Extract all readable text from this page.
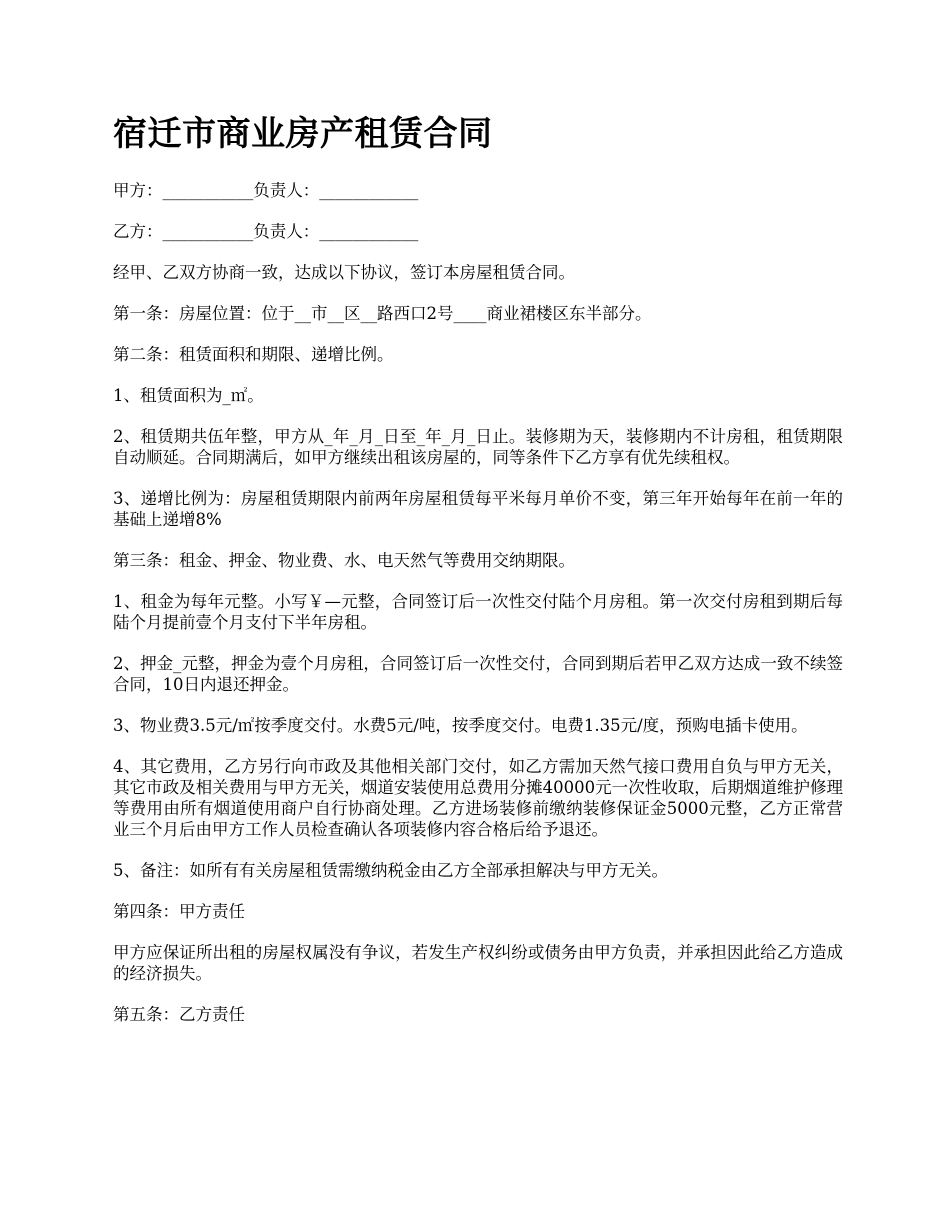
宿迁市商业房产租赁合同

甲方：___________负责人：____________

乙方：___________负责人：____________

经甲、乙双方协商一致，达成以下协议，签订本房屋租赁合同。

第一条：房屋位置：位于__市__区__路西口2号____商业裙楼区东半部分。

第二条：租赁面积和期限、递增比例。

1、租赁面积为_㎡。

2、租赁期共伍年整，甲方从_年_月_日至_年_月_日止。装修期为天，装修期内不计房租，租赁期限自动顺延。合同期满后，如甲方继续出租该房屋的，同等条件下乙方享有优先续租权。

3、递增比例为：房屋租赁期限内前两年房屋租赁每平米每月单价不变，第三年开始每年在前一年的基础上递增8%

第三条：租金、押金、物业费、水、电天然气等费用交纳期限。

1、租金为每年元整。小写￥—元整，合同签订后一次性交付陆个月房租。第一次交付房租到期后每陆个月提前壹个月支付下半年房租。

2、押金_元整，押金为壹个月房租，合同签订后一次性交付，合同到期后若甲乙双方达成一致不续签合同，10日内退还押金。

3、物业费3.5元/㎡按季度交付。水费5元/吨，按季度交付。电费1.35元/度，预购电插卡使用。

4、其它费用，乙方另行向市政及其他相关部门交付，如乙方需加天然气接口费用自负与甲方无关，其它市政及相关费用与甲方无关，烟道安装使用总费用分摊40000元一次性收取，后期烟道维护修理等费用由所有烟道使用商户自行协商处理。乙方进场装修前缴纳装修保证金5000元整，乙方正常营业三个月后由甲方工作人员检查确认各项装修内容合格后给予退还。

5、备注：如所有有关房屋租赁需缴纳税金由乙方全部承担解决与甲方无关。

第四条：甲方责任

甲方应保证所出租的房屋权属没有争议，若发生产权纠纷或债务由甲方负责，并承担因此给乙方造成的经济损失。

第五条：乙方责任
